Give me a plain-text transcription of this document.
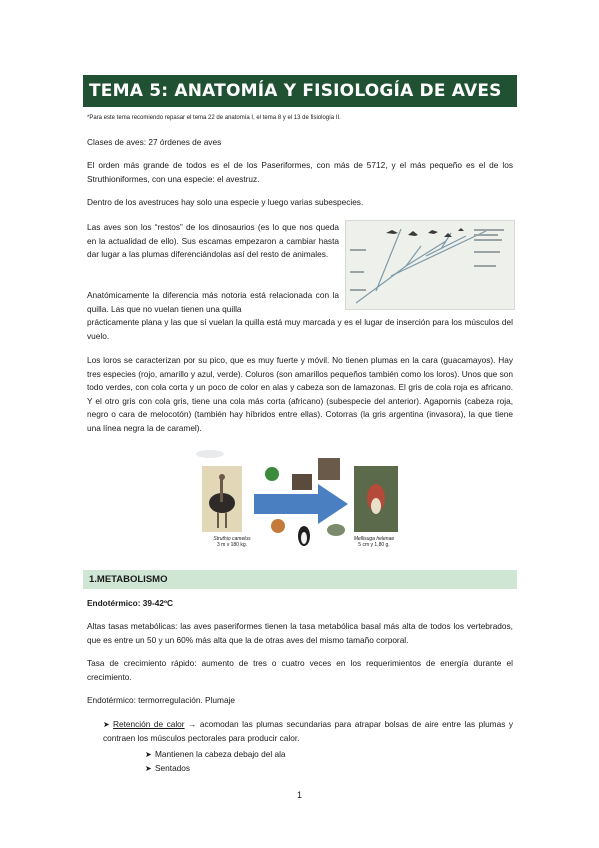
TEMA 5: ANATOMÍA Y FISIOLOGÍA DE AVES

*Para este tema recomiendo repasar el tema 22 de anatomía I, el tema 8 y el 13 de fisiología II.

Clases de aves: 27 órdenes de aves

El orden más grande de todos es el de los Paseriformes, con más de 5712, y el más pequeño es el de los Struthioniformes, con una especie: el avestruz.

Dentro de los avestruces hay solo una especie y luego varias subespecies.

Las aves son los “restos” de los dinosaurios (es lo que nos queda en la actualidad de ello). Sus escamas empezaron a cambiar hasta dar lugar a las plumas diferenciándolas así del resto de animales.

Anatómicamente la diferencia más notoria está relacionada con la quilla. Las que no vuelan tienen una quilla

prácticamente plana y las que sí vuelan la quilla está muy marcada y es el lugar de inserción para los músculos del vuelo.

Los loros se caracterizan por su pico, que es muy fuerte y móvil. No tienen plumas en la cara (guacamayos). Hay tres especies (rojo, amarillo y azul, verde). Coluros (son amarillos pequeños también como los loros). Unos que son todo verdes, con cola corta y un poco de color en alas y cabeza son de lamazonas. El gris de cola roja es africano. Y el otro gris con cola gris, tiene una cola más corta (africano) (subespecie del anterior). Agapornis (cabeza roja, negro o cara de melocotón) (también hay híbridos entre ellas). Cotorras (la gris argentina (invasora), la que tiene una línea negra la de caramel).

Struthio camelus
3 m v 180 kg.
Mellisuga helenae
5 cm y 1,80 g.
1.METABOLISMO

Endotérmico: 39-42ºC

Altas tasas metabólicas: las aves paseriformes tienen la tasa metabólica basal más alta de todos los vertebrados, que es entre un 50 y un 60% más alta que la de otras aves del mismo tamaño corporal.

Tasa de crecimiento rápido: aumento de tres o cuatro veces en los requerimientos de energía durante el crecimiento.

Endotérmico: termorregulación. Plumaje

➤ Retención de calor → acomodan las plumas secundarias para atrapar bolsas de aire entre las plumas y contraen los músculos pectorales para producir calor.
➤ Mantienen la cabeza debajo del ala
➤ Sentados
1
